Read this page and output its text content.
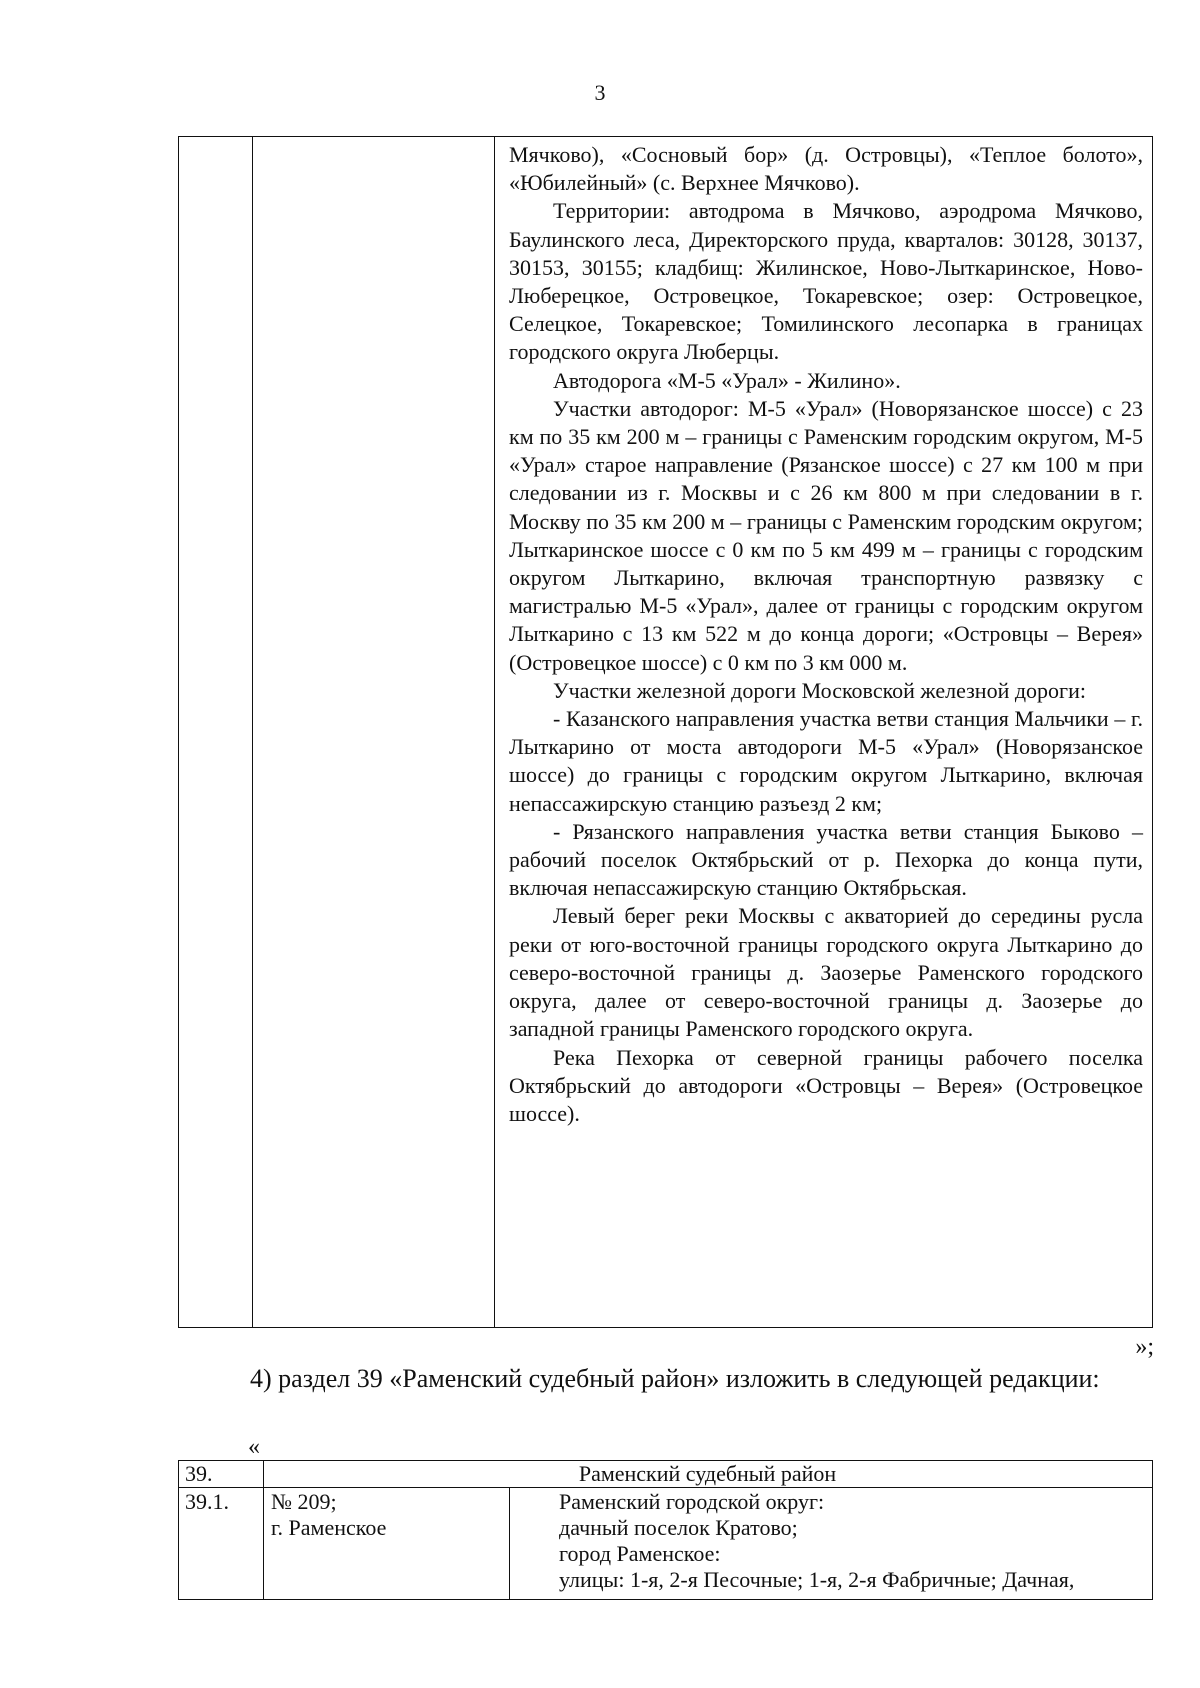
3

Мячково), «Сосновый бор» (д. Островцы), «Теплое болото», «Юбилейный» (с. Верхнее Мячково).

Территории: автодрома в Мячково, аэродрома Мячково, Баулинского леса, Директорского пруда, кварталов: 30128, 30137, 30153, 30155; кладбищ: Жилинское, Ново-Лыткаринское, Ново-Люберецкое, Островецкое, Токаревское; озер: Островецкое, Селецкое, Токаревское; Томилинского лесопарка в границах городского округа Люберцы.

Автодорога «М-5 «Урал» - Жилино».

Участки автодорог: М-5 «Урал» (Новорязанское шоссе) с 23 км по 35 км 200 м – границы с Раменским городским округом, М-5 «Урал» старое направление (Рязанское шоссе) с 27 км 100 м при следовании из г. Москвы и с 26 км 800 м при следовании в г. Москву по 35 км 200 м – границы с Раменским городским округом; Лыткаринское шоссе с 0 км по 5 км 499 м – границы с городским округом Лыткарино, включая транспортную развязку с магистралью М-5 «Урал», далее от границы с городским округом Лыткарино с 13 км 522 м до конца дороги; «Островцы – Верея» (Островецкое шоссе) с 0 км по 3 км 000 м.

Участки железной дороги Московской железной дороги:

- Казанского направления участка ветви станция Мальчики – г. Лыткарино от моста автодороги М-5 «Урал» (Новорязанское шоссе) до границы с городским округом Лыткарино, включая непассажирскую станцию разъезд 2 км;

- Рязанского направления участка ветви станция Быково – рабочий поселок Октябрьский от р. Пехорка до конца пути, включая непассажирскую станцию Октябрьская.

Левый берег реки Москвы с акваторией до середины русла реки от юго-восточной границы городского округа Лыткарино до северо-восточной границы д. Заозерье Раменского городского округа, далее от северо-восточной границы д. Заозерье до западной границы Раменского городского округа.

Река Пехорка от северной границы рабочего поселка Октябрьский до автодороги «Островцы – Верея» (Островецкое шоссе).

»;
4) раздел 39 «Раменский судебный район» изложить в следующей редакции:
«
39.	Раменский судебный район
39.1. № 209;
г. Раменское
Раменский городской округ:
дачный поселок Кратово;
город Раменское:
улицы: 1-я, 2-я Песочные; 1-я, 2-я Фабричные; Дачная,
